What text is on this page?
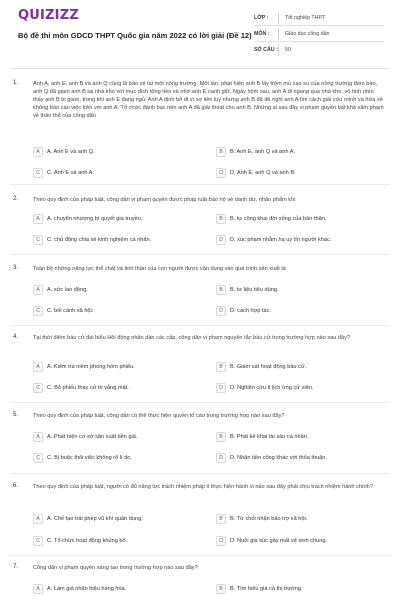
QUIZIZZ
Bộ đề thi môn GDCD THPT Quốc gia năm 2022 có lời giải (Đề 12)
LỚP :	Tốt nghiệp THPT
MÔN :	Giáo dục công dân
SỐ CÂU : 50
1.	Anh A, anh E, anh B và anh Q cùng là bảo vệ tại một nông trường. Một lần, phát hiện anh B lấy trộm mủ cao su của nông trường đem bán, anh Q đã giam anh B tại nhà kho với mục đích tống tiền và nhờ anh E canh giữ. Ngày hôm sau, anh A đi ngang qua nhà kho, vô tình nhìn thấy anh B bị giam, trong khi anh E đang ngủ. Anh A định bỏ đi vì sợ liên lụy nhưng anh B đã đề nghị anh A tìm cách giải cứu mình và hứa sẽ không báo cáo việc trên với anh A. Tổ chức đánh bạc nên anh A đã giải thoát cho anh B. Những ai sau đây vi phạm quyền bất khả xâm phạm về thân thể của công dân
A	A. Anh E và anh Q.	B	B. Anh E, anh Q và anh A.
C	C. Anh E và anh A.	D	D. Anh E, anh Q và anh B.
2.	Theo quy định của pháp luật, công dân vi phạm quyền được pháp luật bảo hộ về danh dự, nhân phẩm khi
A	A. chuyển nhượng bí quyết gia truyền.	B	B. tự công khai đời sống của bản thân.
C	C. chủ động chia sẻ kinh nghiệm cá nhân.	D	D. xúc phạm nhằm hạ uy tín người khác.
3.	Toàn bộ những năng lực thể chất và tinh thần của con người được vận dụng vào quá trình sản xuất là
A	A. sức lao động.	B	B. tư liệu tiêu dùng.
C	C. bối cảnh xã hội.	D	D. cách hợp tác.
4.	Tại thời điểm bầu cử đại biểu Hội đồng nhân dân các cấp, công dân vi phạm nguyên tắc bầu cử trong trường hợp nào sau đây?
A	A. Kiểm tra niêm phong hòm phiếu.	B	B. Giám sát hoạt động bầu cử.
C	C. Bỏ phiếu thay cử tri vắng mặt.	D	D. Nghiên cứu lí lịch ứng cử viên.
5.	Theo quy định của pháp luật, công dân có thể thực hiện quyền tố cáo trong trường hợp nào sau đây?
A	A. Phát hiện cơ sở sản xuất tiền giả.	B	B. Phải kê khai tài sản cá nhân.
C	C. Bị buộc thôi việc không rõ lí do.	D	D. Nhận tiền công khác với thỏa thuận.
6.	Theo quy định của pháp luật, người có đủ năng lực trách nhiệm pháp lí thực hiện hành vi nào sau đây phải chịu trách nhiệm hành chính?
A	A. Chế tạo trái phép vũ khí quân dụng.	B	B. Từ chối nhận bảo trợ xã hội.
C	C. Tổ chức hoạt động khủng bố.	D	D. Nuôi gia súc gây mất vệ sinh chung.
7.	Công dân vi phạm quyền sáng tạo trong trường hợp nào sau đây?
A	A. Làm giả nhãn hiệu hàng hóa.	B	B. Tìm hiểu giá cả thị trường.
